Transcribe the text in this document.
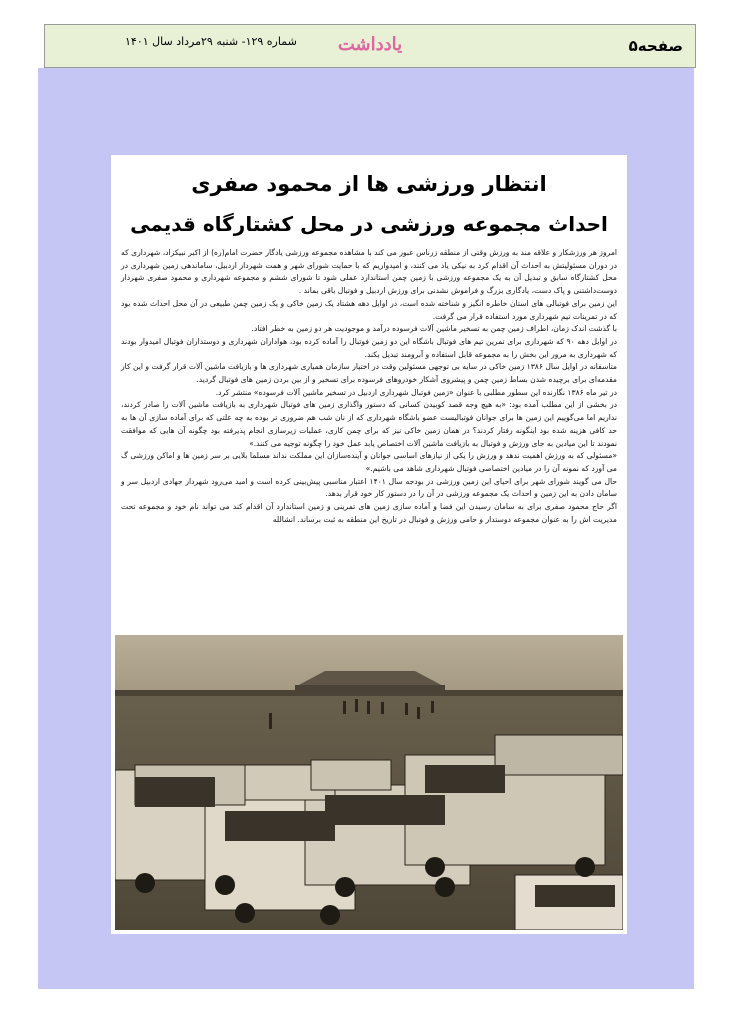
صفحه۵
یادداشت
شماره ۱۲۹- شنبه ۲۹مرداد سال ۱۴۰۱
انتظار ورزشی ها از محمود صفری
احداث مجموعه ورزشی در محل کشتارگاه قدیمی

امروز هر ورزشکار و علاقه مند به ورزش وقتی از منطقه زرناس عبور می کند با مشاهده مجموعه ورزشی یادگار حضرت امام(ره) از اکبر نبیکزاد، شهرداری که در دوران مسئولیتش به احداث آن اقدام کرد به نیکی یاد می کنند، و امیدواریم که با حمایت شورای شهر و همت شهردار اردبیل، ساماندهی زمین شهرداری در محل کشتارگاه سابق و تبدیل آن به یک مجموعه ورزشی با زمین چمن استاندارد عملی شود تا شورای ششم و مجموعه شهرداری و محمود صفری شهردار دوست‌داشتنی و پاک دست، یادگاری بزرگ و فراموش نشدنی برای ورزش اردبیل و فوتبال باقی بماند .

این زمین برای فوتبالی های استان خاطره انگیز و شناخته شده است، در اوایل دهه هشتاد یک زمین خاکی و یک زمین چمن طبیعی در آن محل احداث شده بود که در تمرینات تیم شهرداری مورد استفاده قرار می گرفت.

با گذشت اندک زمان، اطراف زمین چمن به تسخیر ماشین آلات فرسوده درآمد و موجودیت هر دو زمین به خطر افتاد.

در اوایل دهه ۹۰ که شهرداری برای تمرین تیم های فوتبال باشگاه این دو زمین فوتبال را آماده کرده بود، هواداران شهرداری و دوستداران فوتبال امیدوار بودند که شهرداری به مرور این بخش را به مجموعه قابل استفاده و آبرومند تبدیل بکند.

متاسفانه در اوایل سال ۱۳۸۶ زمین خاکی در سایه بی توجهی مسئولین وقت در اختیار سازمان همیاری شهرداری ها و بازیافت ماشین آلات قرار گرفت و این کار مقدمه‌ای برای برچیده شدن بساط زمین چمن و پیشروی آشکار خودروهای فرسوده برای تسخیر و از بین بردن زمین های فوتبال گردید.

در تیر ماه ۱۳۸۶ نگارنده این سطور مطلبی با عنوان «زمین فوتبال شهرداری اردبیل در تسخیر ماشین آلات فرسوده» منتشر کرد.

در بخشی از این مطلب آمده بود: «به هیچ وجه قصد کوبیدن کسانی که دستور واگذاری زمین های فوتبال شهرداری به بازیافت ماشین آلات را صادر کردند، نداریم اما می‌گوییم این زمین ها برای جوانان فوتبالیست عضو باشگاه شهرداری که از نان شب هم ضروری تر بوده به چه علتی که برای آماده سازی آن ها به حد کافی هزینه شده بود اینگونه رفتار کردند؟ در همان زمین خاکی نیز که برای چمن کاری، عملیات زیرسازی انجام پذیرفته بود چگونه آن هایی که موافقت نمودند تا این میادین به جای ورزش و فوتبال به بازیافت ماشین آلات اختصاص یابد عمل خود را چگونه توجیه می کنند.»

«مسئولی که به ورزش اهمیت ندهد و ورزش را یکی از نیازهای اساسی جوانان و آینده‌سازان این مملکت نداند مسلما بلایی بر سر زمین ها و اماکن ورزشی گ می آورد که نمونه آن را در میادین اختصاصی فوتبال شهرداری شاهد می باشیم.»

حال می گویند شورای شهر برای احیای این زمین ورزشی در بودجه سال ۱۴۰۱ اعتبار مناسبی پیش‌بینی کرده است و امید می‌رود شهردار جهادی اردبیل سر و سامان دادن به این زمین و احداث یک مجموعه ورزشی در آن را در دستور کار خود قرار بدهد.

اگر حاج محمود صفری برای به سامان رسیدن این فضا و آماده سازی زمین های تمرینی و زمین استاندارد آن اقدام کند می تواند نام خود و مجموعه تحت مدیریت اش را به عنوان مجموعه دوستدار و حامی ورزش و فوتبال در تاریخ این منطقه به ثبت برساند. انشالله
